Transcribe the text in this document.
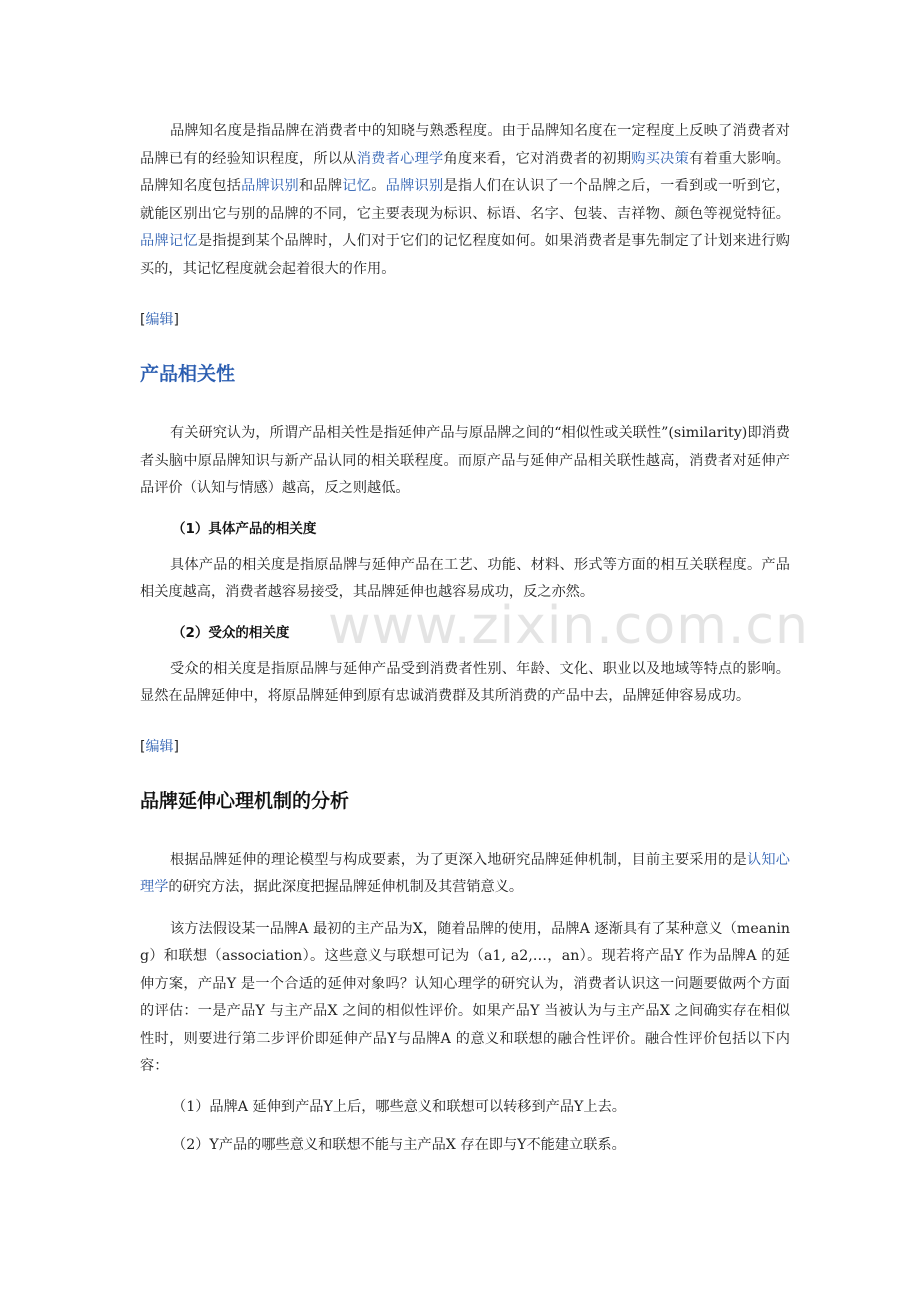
www.zixin.com.cn

品牌知名度是指品牌在消费者中的知晓与熟悉程度。由于品牌知名度在一定程度上反映了消费者对品牌已有的经验知识程度，所以从消费者心理学角度来看，它对消费者的初期购买决策有着重大影响。品牌知名度包括品牌识别和品牌记忆。品牌识别是指人们在认识了一个品牌之后，一看到或一听到它，就能区别出它与别的品牌的不同，它主要表现为标识、标语、名字、包装、吉祥物、颜色等视觉特征。品牌记忆是指提到某个品牌时，人们对于它们的记忆程度如何。如果消费者是事先制定了计划来进行购买的，其记忆程度就会起着很大的作用。

[编辑]
产品相关性

有关研究认为，所谓产品相关性是指延伸产品与原品牌之间的“相似性或关联性”(similarity)即消费者头脑中原品牌知识与新产品认同的相关联程度。而原产品与延伸产品相关联性越高，消费者对延伸产品评价（认知与情感）越高，反之则越低。

（1）具体产品的相关度

具体产品的相关度是指原品牌与延伸产品在工艺、功能、材料、形式等方面的相互关联程度。产品相关度越高，消费者越容易接受，其品牌延伸也越容易成功，反之亦然。

（2）受众的相关度

受众的相关度是指原品牌与延伸产品受到消费者性别、年龄、文化、职业以及地域等特点的影响。显然在品牌延伸中，将原品牌延伸到原有忠诚消费群及其所消费的产品中去，品牌延伸容易成功。

[编辑]
品牌延伸心理机制的分析

根据品牌延伸的理论模型与构成要素，为了更深入地研究品牌延伸机制，目前主要采用的是认知心理学的研究方法，据此深度把握品牌延伸机制及其营销意义。

该方法假设某一品牌A 最初的主产品为X，随着品牌的使用，品牌A 逐渐具有了某种意义（meaning）和联想（association）。这些意义与联想可记为（a1, a2,…，an）。现若将产品Y 作为品牌A 的延伸方案，产品Y 是一个合适的延伸对象吗？认知心理学的研究认为，消费者认识这一问题要做两个方面的评估：一是产品Y 与主产品X 之间的相似性评价。如果产品Y 当被认为与主产品X 之间确实存在相似性时，则要进行第二步评价即延伸产品Y与品牌A 的意义和联想的融合性评价。融合性评价包括以下内容：

（1）品牌A 延伸到产品Y上后，哪些意义和联想可以转移到产品Y上去。

（2）Y产品的哪些意义和联想不能与主产品X 存在即与Y不能建立联系。
